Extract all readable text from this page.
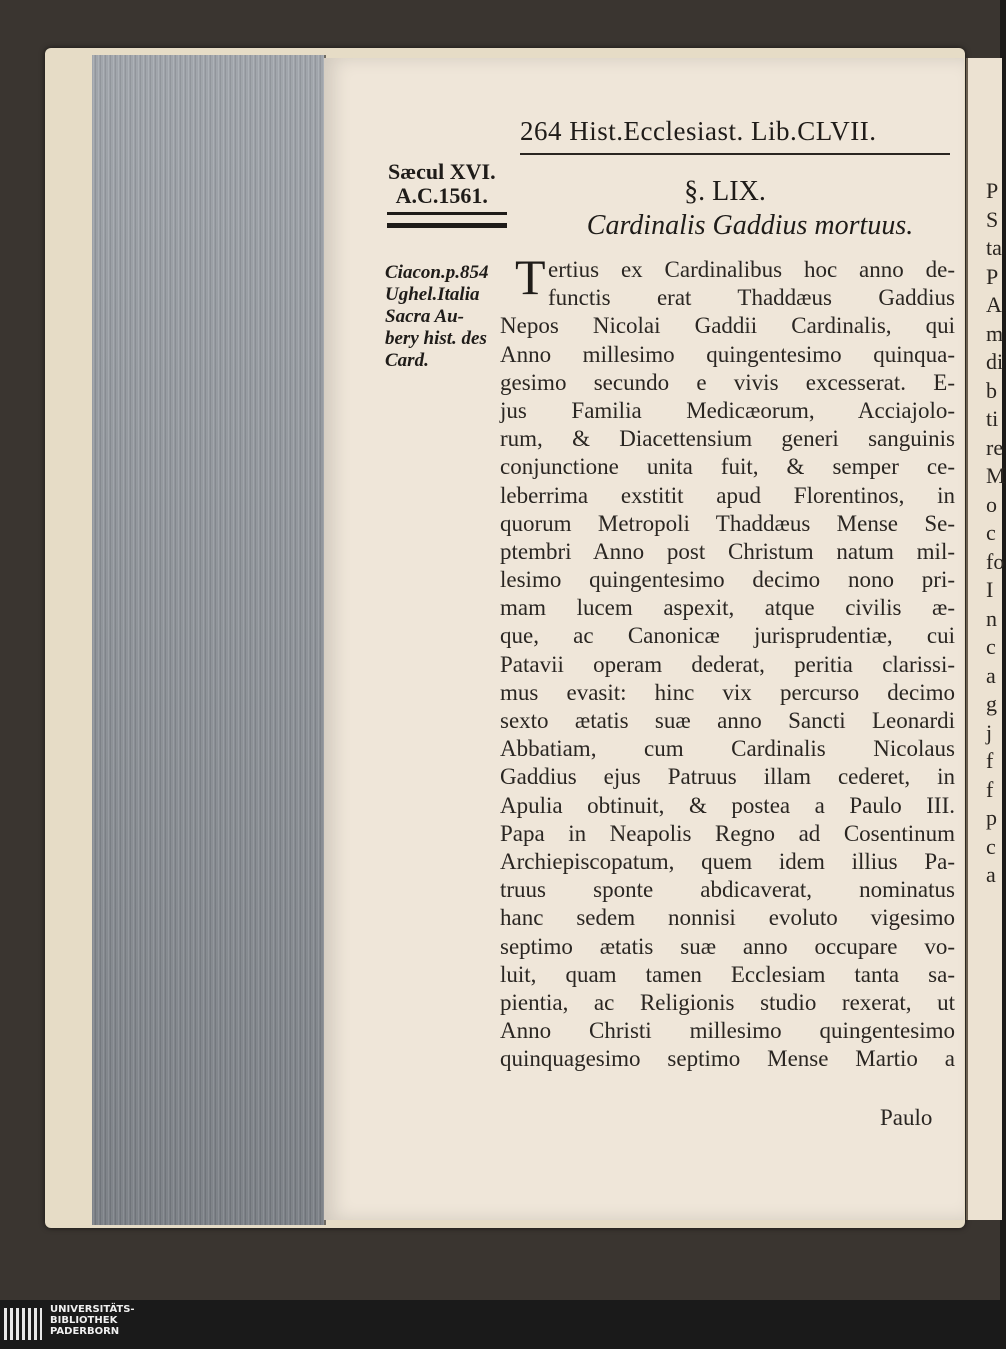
P
S
ta
P
A
m
di
b
ti
re
M
o
c
fo
I
n
c
a
g
j
f
f
p
c
a
264 Hist.Ecclesiast. Lib.CLVII.
Sæcul XVI.
A.C.1561.	§. LIX.
Cardinalis Gaddius mortuus.
Ciacon.p.854
Ughel.Italia
Sacra Au-
bery hist. des
Card.
T ertius ex Cardinalibus hoc anno de-
functis erat Thaddæus Gaddius
Nepos Nicolai Gaddii Cardinalis, qui
Anno millesimo quingentesimo quinqua-
gesimo secundo e vivis excesserat. E-
jus Familia Medicæorum, Acciajolo-
rum, & Diacettensium generi sanguinis
conjunctione unita fuit, & semper ce-
leberrima exstitit apud Florentinos, in
quorum Metropoli Thaddæus Mense Se-
ptembri Anno post Christum natum mil-
lesimo quingentesimo decimo nono pri-
mam lucem aspexit, atque civilis æ-
que, ac Canonicæ jurisprudentiæ, cui
Patavii operam dederat, peritia clarissi-
mus evasit: hinc vix percurso decimo
sexto ætatis suæ anno Sancti Leonardi
Abbatiam, cum Cardinalis Nicolaus
Gaddius ejus Patruus illam cederet, in
Apulia obtinuit, & postea a Paulo III.
Papa in Neapolis Regno ad Cosentinum
Archiepiscopatum, quem idem illius Pa-
truus sponte abdicaverat, nominatus
hanc sedem nonnisi evoluto vigesimo
septimo ætatis suæ anno occupare vo-
luit, quam tamen Ecclesiam tanta sa-
pientia, ac Religionis studio rexerat, ut
Anno Christi millesimo quingentesimo
quinquagesimo septimo Mense Martio a
Paulo
UNIVERSITÄTS-
BIBLIOTHEK
PADERBORN
